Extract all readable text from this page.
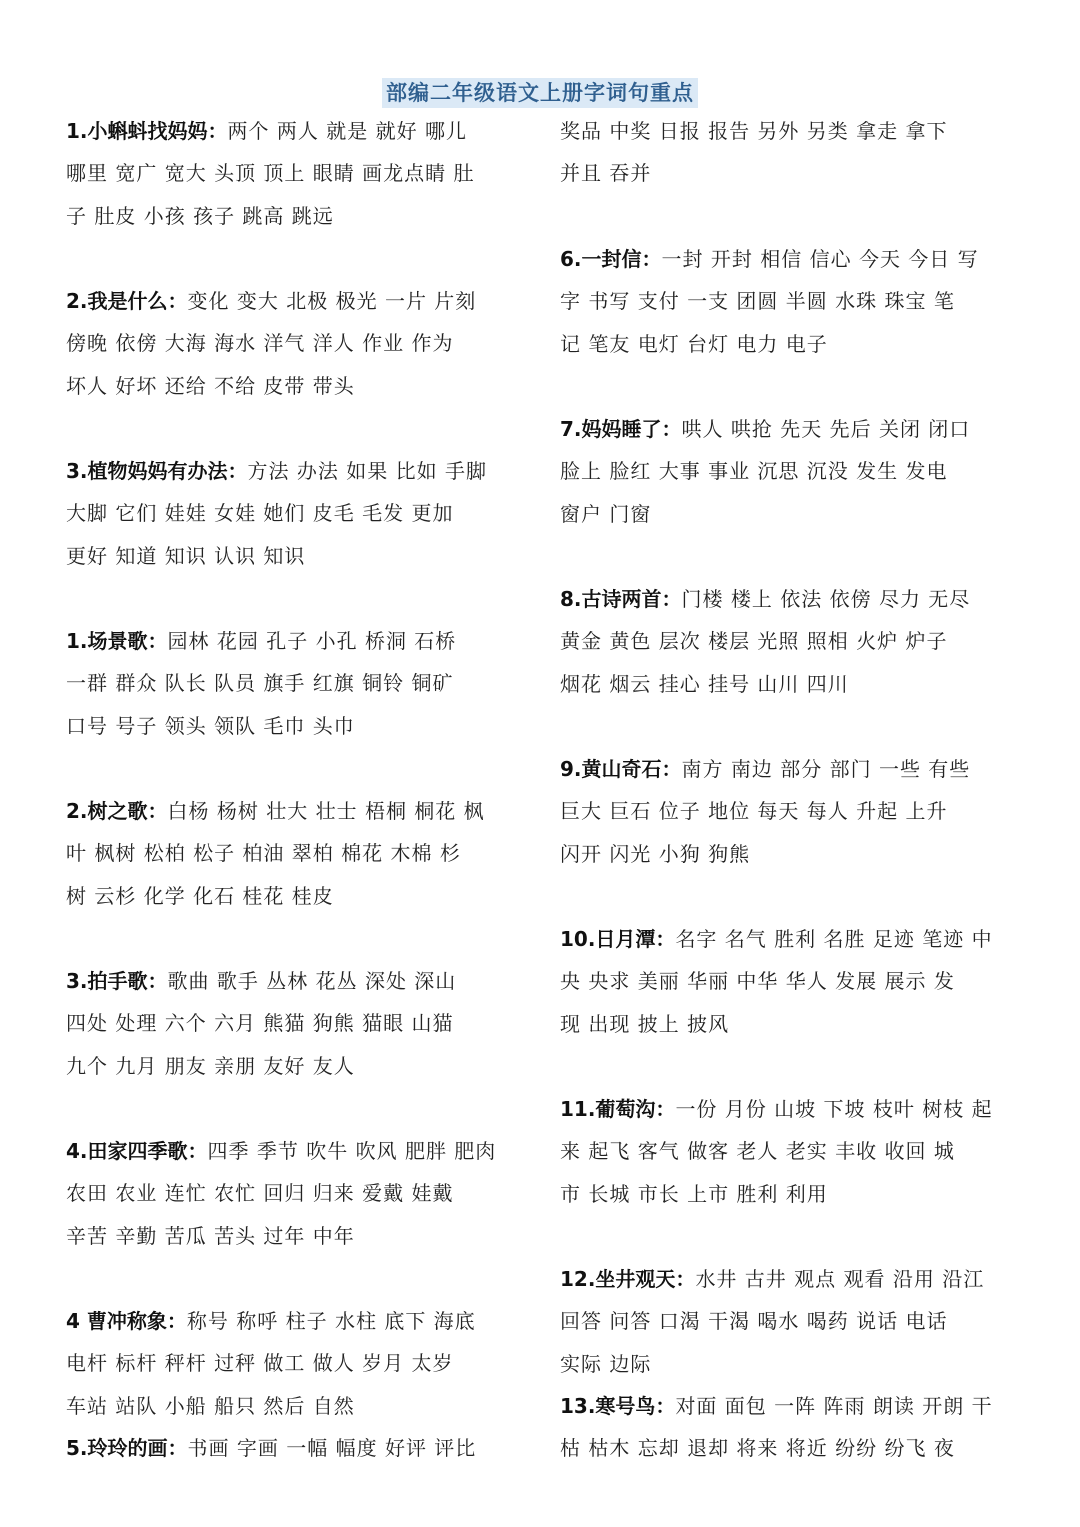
部编二年级语文上册字词句重点
1.小蝌蚪找妈妈：两个 两人 就是 就好 哪儿
哪里 宽广 宽大 头顶 顶上 眼睛 画龙点睛 肚
子 肚皮 小孩 孩子 跳高 跳远
2.我是什么：变化 变大 北极 极光 一片 片刻
傍晚 依傍 大海 海水 洋气 洋人 作业 作为
坏人 好坏 还给 不给 皮带 带头
3.植物妈妈有办法：方法 办法 如果 比如 手脚
大脚 它们 娃娃 女娃 她们 皮毛 毛发 更加
更好 知道 知识 认识 知识
1.场景歌：园林 花园 孔子 小孔 桥洞 石桥
一群 群众 队长 队员 旗手 红旗 铜铃 铜矿
口号 号子 领头 领队 毛巾 头巾
2.树之歌：白杨 杨树 壮大 壮士 梧桐 桐花 枫
叶 枫树 松柏 松子 柏油 翠柏 棉花 木棉 杉
树 云杉 化学 化石 桂花 桂皮
3.拍手歌：歌曲 歌手 丛林 花丛 深处 深山
四处 处理 六个 六月 熊猫 狗熊 猫眼 山猫
九个 九月 朋友 亲朋 友好 友人
4.田家四季歌：四季 季节 吹牛 吹风 肥胖 肥肉
农田 农业 连忙 农忙 回归 归来 爱戴 娃戴
辛苦 辛勤 苦瓜 苦头 过年 中年
4 曹冲称象：称号 称呼 柱子 水柱 底下 海底
电杆 标杆 秤杆 过秤 做工 做人 岁月 太岁
车站 站队 小船 船只 然后 自然
5.玲玲的画：书画 字画 一幅 幅度 好评 评比
奖品 中奖 日报 报告 另外 另类 拿走 拿下
并且 吞并
6.一封信：一封 开封 相信 信心 今天 今日 写
字 书写 支付 一支 团圆 半圆 水珠 珠宝 笔
记 笔友 电灯 台灯 电力 电子
7.妈妈睡了：哄人 哄抢 先天 先后 关闭 闭口
脸上 脸红 大事 事业 沉思 沉没 发生 发电
窗户 门窗
8.古诗两首：门楼 楼上 依法 依傍 尽力 无尽
黄金 黄色 层次 楼层 光照 照相 火炉 炉子
烟花 烟云 挂心 挂号 山川 四川
9.黄山奇石：南方 南边 部分 部门 一些 有些
巨大 巨石 位子 地位 每天 每人 升起 上升
闪开 闪光 小狗 狗熊
10.日月潭：名字 名气 胜利 名胜 足迹 笔迹 中
央 央求 美丽 华丽 中华 华人 发展 展示 发
现 出现 披上 披风
11.葡萄沟：一份 月份 山坡 下坡 枝叶 树枝 起
来 起飞 客气 做客 老人 老实 丰收 收回 城
市 长城 市长 上市 胜利 利用
12.坐井观天：水井 古井 观点 观看 沿用 沿江
回答 问答 口渴 干渴 喝水 喝药 说话 电话
实际 边际
13.寒号鸟：对面 面包 一阵 阵雨 朗读 开朗 干
枯 枯木 忘却 退却 将来 将近 纷纷 纷飞 夜
